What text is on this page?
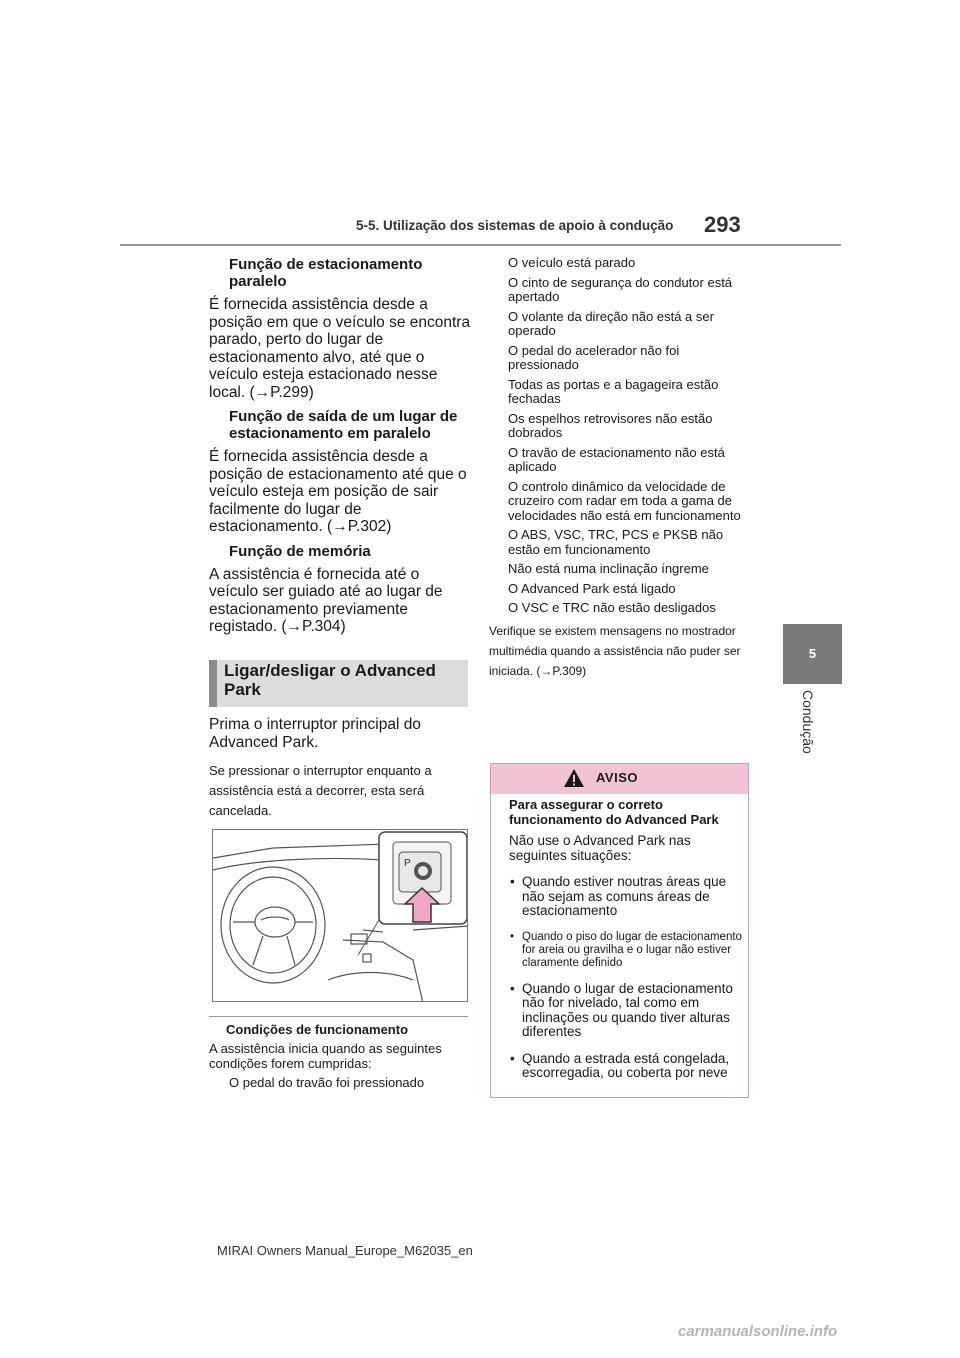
5-5. Utilização dos sistemas de apoio à condução 293
5
Condução

Função de estacionamento paralelo

É fornecida assistência desde a posição em que o veículo se encontra parado, perto do lugar de estacionamento alvo, até que o veículo esteja estacionado nesse local. (→P.299)

Função de saída de um lugar de estacionamento em paralelo

É fornecida assistência desde a posição de estacionamento até que o veículo esteja em posição de sair facilmente do lugar de estacionamento. (→P.302)

Função de memória

A assistência é fornecida até o veículo ser guiado até ao lugar de estacionamento previamente registado. (→P.304)

Ligar/desligar o Advanced Park

Prima o interruptor principal do Advanced Park.

Se pressionar o interruptor enquanto a assistência está a decorrer, esta será cancelada.

P

Condições de funcionamento

A assistência inicia quando as seguintes condições forem cumpridas:

O pedal do travão foi pressionado

O veículo está parado

O cinto de segurança do condutor está apertado

O volante da direção não está a ser operado

O pedal do acelerador não foi pressionado

Todas as portas e a bagageira estão fechadas

Os espelhos retrovisores não estão dobrados

O travão de estacionamento não está aplicado

O controlo dinâmico da velocidade de cruzeiro com radar em toda a gama de velocidades não está em funcionamento

O ABS, VSC, TRC, PCS e PKSB não estão em funcionamento

Não está numa inclinação íngreme

O Advanced Park está ligado

O VSC e TRC não estão desligados

Verifique se existem mensagens no mostrador multimédia quando a assistência não puder ser iniciada. (→P.309)

AVISO

Para assegurar o correto funcionamento do Advanced Park

Não use o Advanced Park nas seguintes situações:

• Quando estiver noutras áreas que não sejam as comuns áreas de estacionamento

• Quando o piso do lugar de estacionamento for areia ou gravilha e o lugar não estiver claramente definido

• Quando o lugar de estacionamento não for nivelado, tal como em inclinações ou quando tiver alturas diferentes

• Quando a estrada está congelada, escorregadia, ou coberta por neve

MIRAI Owners Manual_Europe_M62035_en
carmanualsonline.info
